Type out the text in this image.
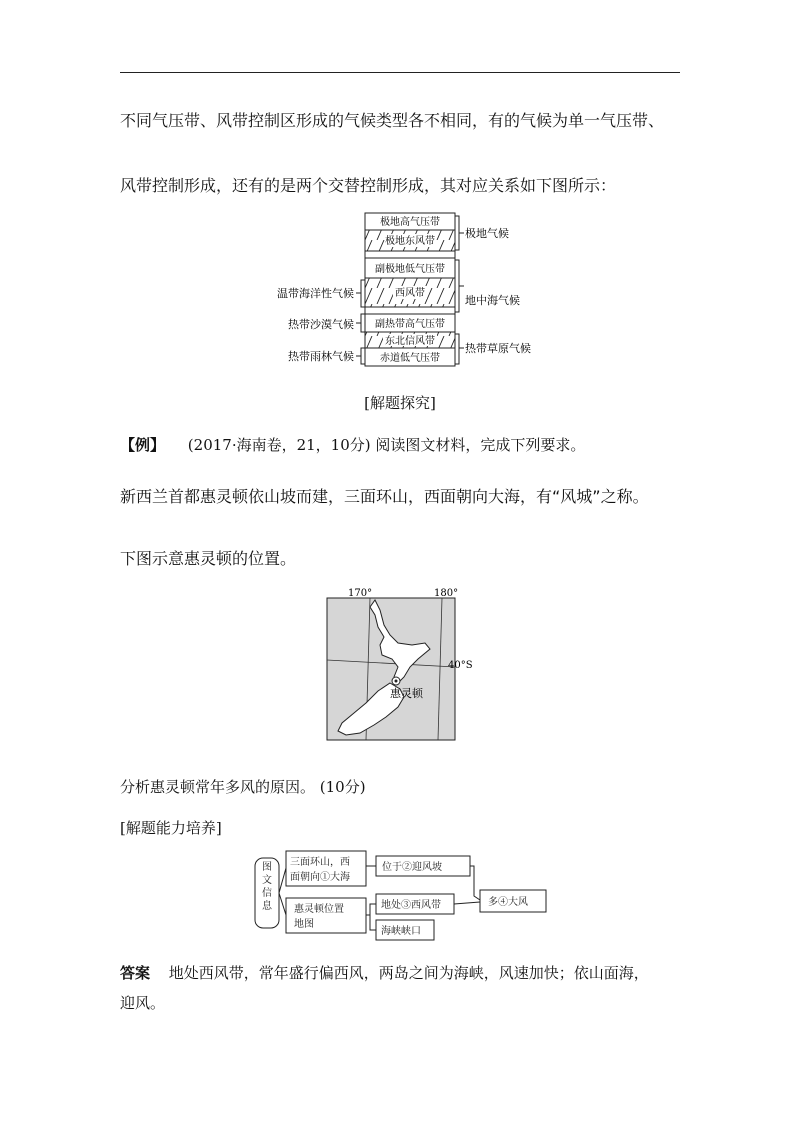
不同气压带、风带控制区形成的气候类型各不相同，有的气候为单一气压带、
风带控制形成，还有的是两个交替控制形成，其对应关系如下图所示：
极地高气压带
极地东风带
副极地低气压带
西风带
副热带高气压带
东北信风带
赤道低气压带
极地气候
地中海气候
热带草原气候
温带海洋性气候
热带沙漠气候
热带雨林气候
[解题探究]
【例】 (2017·海南卷，21，10分) 阅读图文材料，完成下列要求。
新西兰首都惠灵顿依山坡而建，三面环山，西面朝向大海，有“风城”之称。
下图示意惠灵顿的位置。
170°	180°
40°S
惠灵顿
分析惠灵顿常年多风的原因。 (10分)
[解题能力培养]
图文信息
三面环山，西
面朝向①大海
惠灵顿位置
地图
位于②迎风坡
地处③西风带
海峡峡口
多④大风
答案 地处西风带，常年盛行偏西风，两岛之间为海峡，风速加快；依山面海，
迎风。
